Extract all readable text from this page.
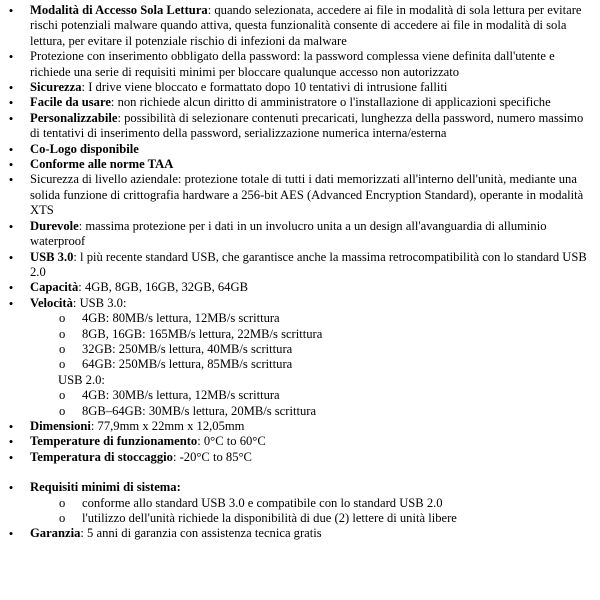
•
Modalità di Accesso Sola Lettura: quando selezionata, accedere ai file in modalità di sola lettura per evitare rischi potenziali malware quando attiva, questa funzionalità consente di accedere ai file in modalità di sola lettura, per evitare il potenziale rischio di infezioni da malware
•
Protezione con inserimento obbligato della password: la password complessa viene definita dall'utente e richiede una serie di requisiti minimi per bloccare qualunque accesso non autorizzato
•
Sicurezza: I drive viene bloccato e formattato dopo 10 tentativi di intrusione falliti
•
Facile da usare: non richiede alcun diritto di amministratore o l'installazione di applicazioni specifiche
•
Personalizzabile: possibilità di selezionare contenuti precaricati, lunghezza della password, numero massimo di tentativi di inserimento della password, serializzazione numerica interna/esterna
•
Co-Logo disponibile
•
Conforme alle norme TAA
•
Sicurezza di livello aziendale: protezione totale di tutti i dati memorizzati all'interno dell'unità, mediante una solida funzione di crittografia hardware a 256-bit AES (Advanced Encryption Standard), operante in modalità XTS
•
Durevole: massima protezione per i dati in un involucro unita a un design all'avanguardia di alluminio waterproof
•
USB 3.0: l più recente standard USB, che garantisce anche la massima retrocompatibilità con lo standard USB 2.0
•
Capacità: 4GB, 8GB, 16GB, 32GB, 64GB
•
Velocità: USB 3.0:
o 4GB: 80MB/s lettura, 12MB/s scrittura
o 8GB, 16GB: 165MB/s lettura, 22MB/s scrittura
o 32GB: 250MB/s lettura, 40MB/s scrittura
o 64GB: 250MB/s lettura, 85MB/s scrittura
USB 2.0:
o 4GB: 30MB/s lettura, 12MB/s scrittura
o 8GB–64GB: 30MB/s lettura, 20MB/s scrittura
•
Dimensioni: 77,9mm x 22mm x 12,05mm
•
Temperature di funzionamento: 0°C to 60°C
•
Temperatura di stoccaggio: -20°C to 85°C
•
Requisiti minimi di sistema:
o conforme allo standard USB 3.0 e compatibile con lo standard USB 2.0
o l'utilizzo dell'unità richiede la disponibilità di due (2) lettere di unità libere
•
Garanzia: 5 anni di garanzia con assistenza tecnica gratis
